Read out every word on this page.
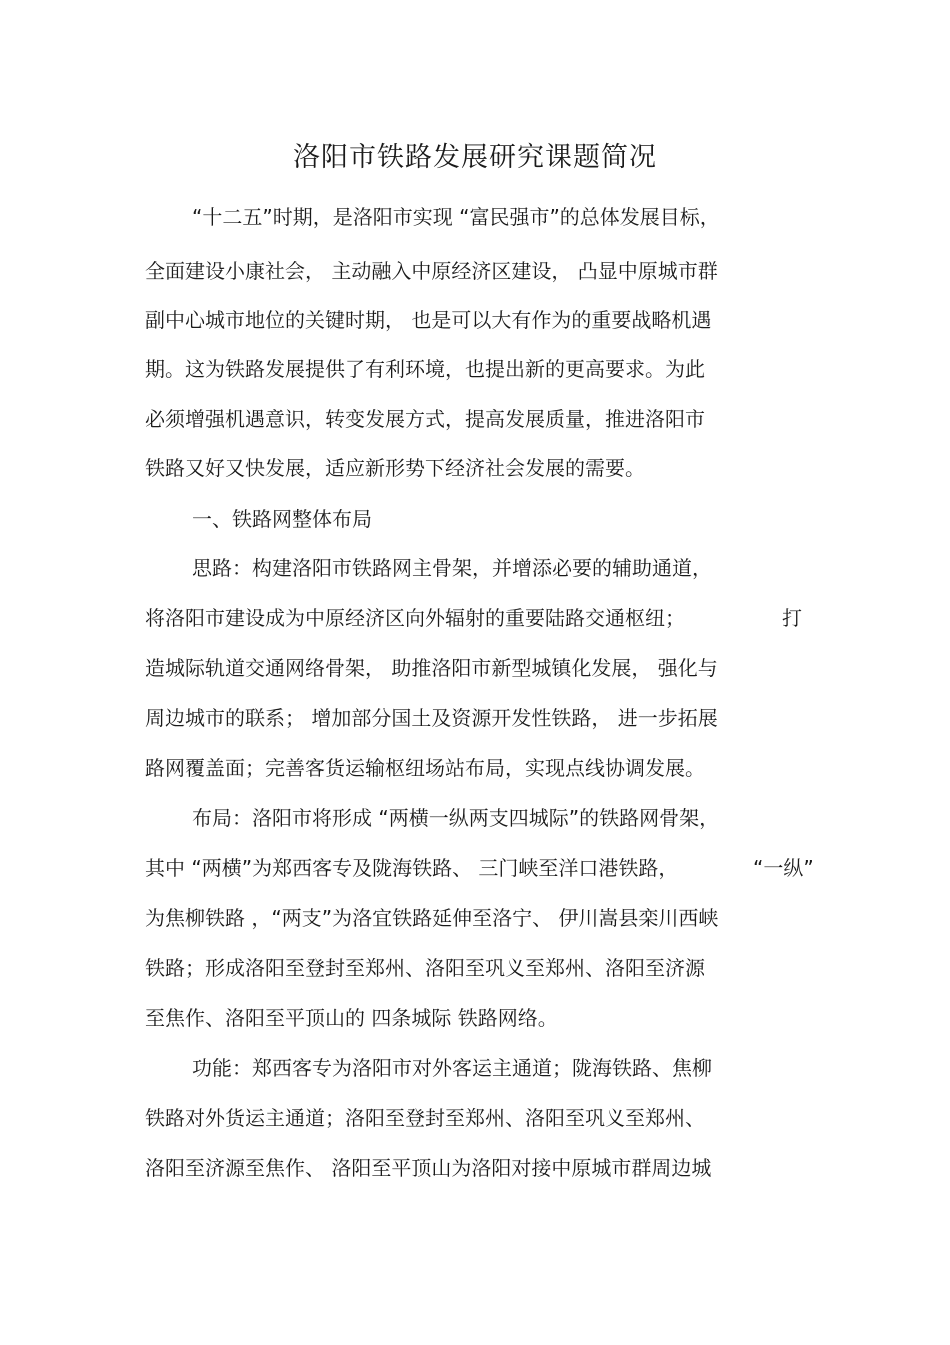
洛阳市铁路发展研究课题简况
“十二五”时期，是洛阳市实现 “富民强市”的总体发展目标，
全面建设小康社会， 主动融入中原经济区建设， 凸显中原城市群
副中心城市地位的关键时期， 也是可以大有作为的重要战略机遇
期。这为铁路发展提供了有利环境，也提出新的更高要求。为此
必须增强机遇意识，转变发展方式，提高发展质量，推进洛阳市
铁路又好又快发展，适应新形势下经济社会发展的需要。
一、铁路网整体布局
思路：构建洛阳市铁路网主骨架，并增添必要的辅助通道，
将洛阳市建设成为中原经济区向外辐射的重要陆路交通枢纽；	打
造城际轨道交通网络骨架， 助推洛阳市新型城镇化发展， 强化与
周边城市的联系； 增加部分国土及资源开发性铁路， 进一步拓展
路网覆盖面；完善客货运输枢纽场站布局，实现点线协调发展。
布局：洛阳市将形成 “两横一纵两支四城际”的铁路网骨架，
其中 “两横”为郑西客专及陇海铁路、 三门峡至洋口港铁路，	“一纵”
为焦柳铁路 ，“两支”为洛宜铁路延伸至洛宁、 伊川嵩县栾川西峡
铁路；形成洛阳至登封至郑州、洛阳至巩义至郑州、洛阳至济源
至焦作、洛阳至平顶山的 四条城际 铁路网络。
功能：郑西客专为洛阳市对外客运主通道；陇海铁路、焦柳
铁路对外货运主通道；洛阳至登封至郑州、洛阳至巩义至郑州、
洛阳至济源至焦作、 洛阳至平顶山为洛阳对接中原城市群周边城
